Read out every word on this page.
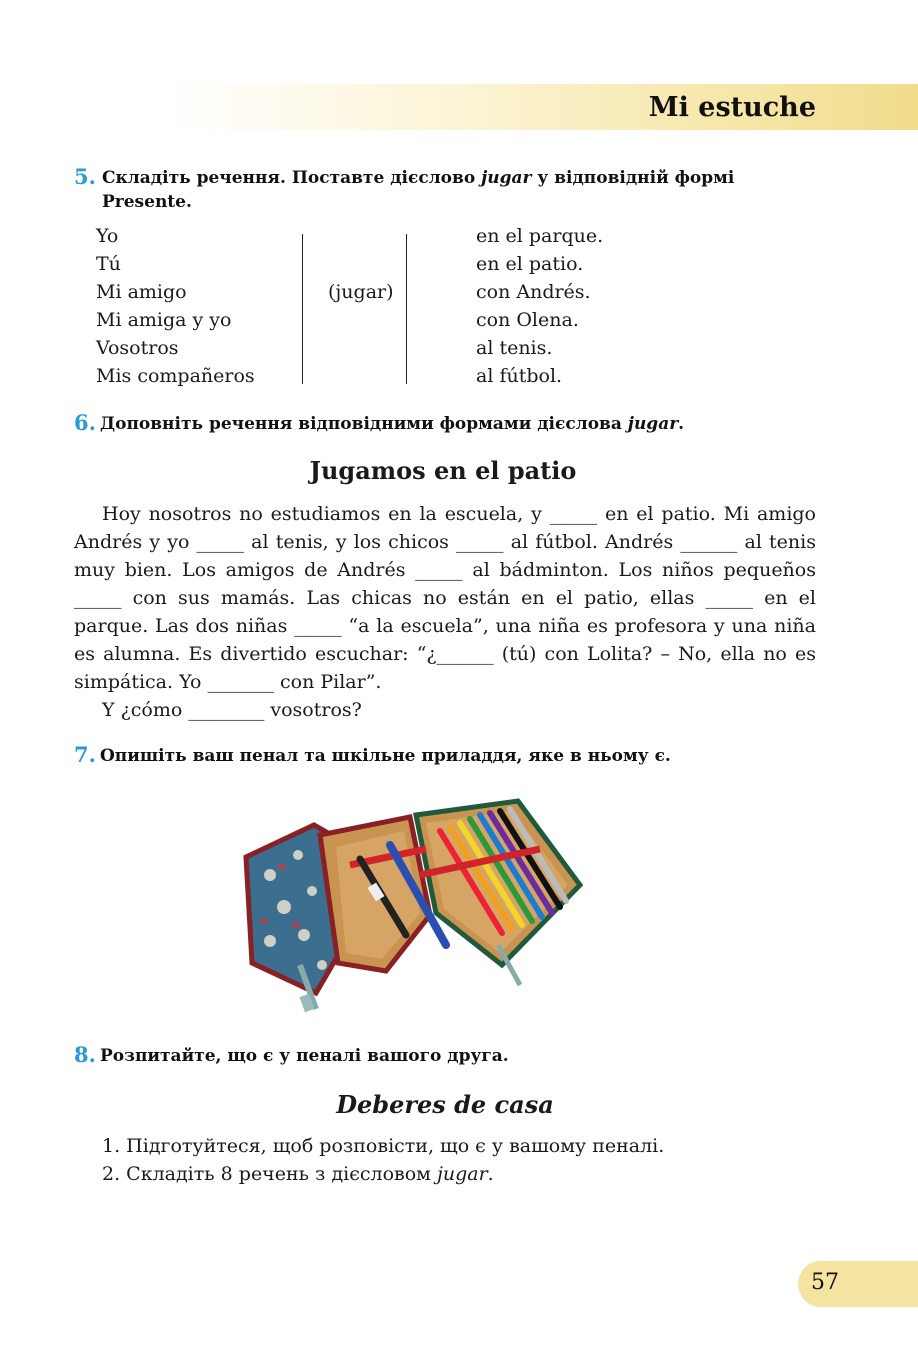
Mi estuche
5. Складіть речення. Поставте дієслово jugar у відповідній формі
Presente.
Yo
Tú
Mi amigo
Mi amiga y yo
Vosotros
Mis compañeros
(jugar)
en el parque.
en el patio.
con Andrés.
con Olena.
al tenis.
al fútbol.
6. Доповніть речення відповідними формами дієслова jugar.
Jugamos en el patio

Hoy nosotros no estudiamos en la escuela, y _____ en el patio. Mi amigo Andrés y yo _____ al tenis, y los chicos _____ al fútbol. Andrés ______ al tenis muy bien. Los amigos de Andrés _____ al bádminton. Los niños pequeños _____ con sus mamás. Las chicas no están en el patio, ellas _____ en el parque. Las dos niñas _____ “a la escuela”, una niña es profesora y una niña es alumna. Es divertido escuchar: “¿______ (tú) con Lolita? – No, ella no es simpática. Yo _______ con Pilar”.

Y ¿cómo ________ vosotros?

7. Опишіть ваш пенал та шкільне приладдя, яке в ньому є.
8. Розпитайте, що є у пеналі вашого друга.
Deberes de casa
1. Підготуйтеся, щоб розповісти, що є у вашому пеналі.
2. Складіть 8 речень з дієсловом jugar.
57
